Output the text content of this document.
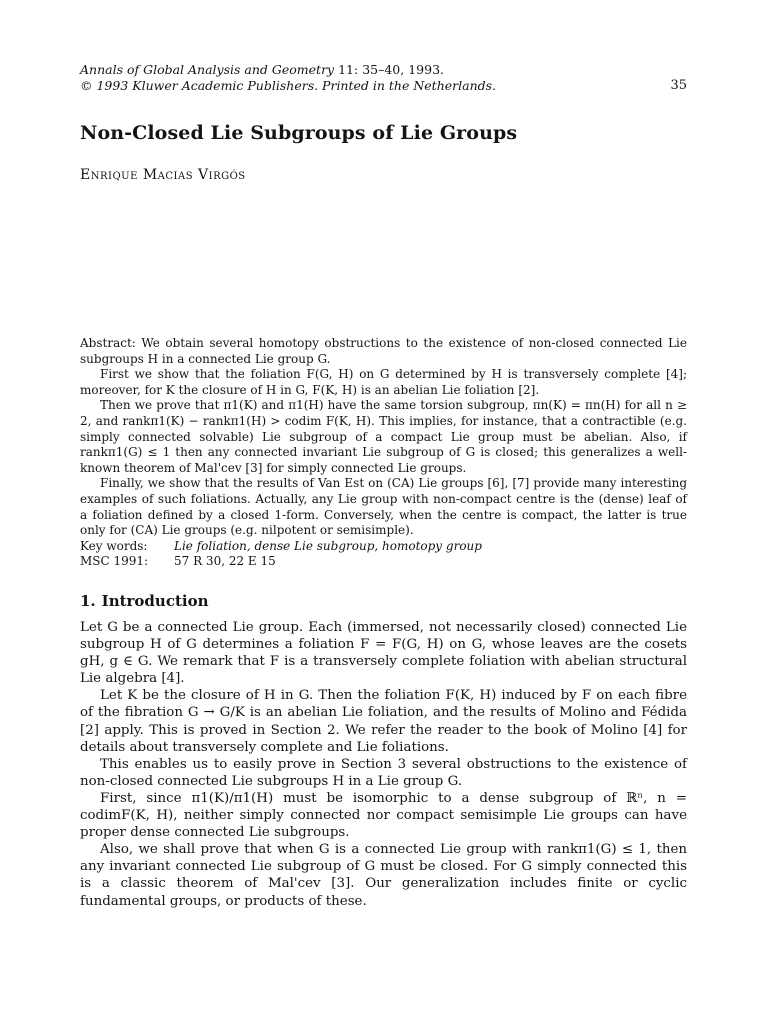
Annals of Global Analysis and Geometry 11: 35–40, 1993.
© 1993 Kluwer Academic Publishers. Printed in the Netherlands.	35
Non-Closed Lie Subgroups of Lie Groups
Enrique Macias Virgós

Abstract: We obtain several homotopy obstructions to the existence of non-closed connected Lie subgroups H in a connected Lie group G.

First we show that the foliation F(G, H) on G determined by H is transversely complete [4]; moreover, for K the closure of H in G, F(K, H) is an abelian Lie foliation [2].

Then we prove that π1(K) and π1(H) have the same torsion subgroup, πn(K) = πn(H) for all n ≥ 2, and rankπ1(K) − rankπ1(H) > codim F(K, H). This implies, for instance, that a contractible (e.g. simply connected solvable) Lie subgroup of a compact Lie group must be abelian. Also, if rankπ1(G) ≤ 1 then any connected invariant Lie subgroup of G is closed; this generalizes a well-known theorem of Mal'cev [3] for simply connected Lie groups.

Finally, we show that the results of Van Est on (CA) Lie groups [6], [7] provide many interesting examples of such foliations. Actually, any Lie group with non-compact centre is the (dense) leaf of a foliation defined by a closed 1-form. Conversely, when the centre is compact, the latter is true only for (CA) Lie groups (e.g. nilpotent or semisimple).

Key words: Lie foliation, dense Lie subgroup, homotopy group
MSC 1991: 57 R 30, 22 E 15
1. Introduction

Let G be a connected Lie group. Each (immersed, not necessarily closed) connected Lie subgroup H of G determines a foliation F = F(G, H) on G, whose leaves are the cosets gH, g ∈ G. We remark that F is a transversely complete foliation with abelian structural Lie algebra [4].

Let K be the closure of H in G. Then the foliation F(K, H) induced by F on each fibre of the fibration G → G/K is an abelian Lie foliation, and the results of Molino and Fédida [2] apply. This is proved in Section 2. We refer the reader to the book of Molino [4] for details about transversely complete and Lie foliations.

This enables us to easily prove in Section 3 several obstructions to the existence of non-closed connected Lie subgroups H in a Lie group G.

First, since π1(K)/π1(H) must be isomorphic to a dense subgroup of ℝⁿ, n = codimF(K, H), neither simply connected nor compact semisimple Lie groups can have proper dense connected Lie subgroups.

Also, we shall prove that when G is a connected Lie group with rankπ1(G) ≤ 1, then any invariant connected Lie subgroup of G must be closed. For G simply connected this is a classic theorem of Mal'cev [3]. Our generalization includes finite or cyclic fundamental groups, or products of these.
